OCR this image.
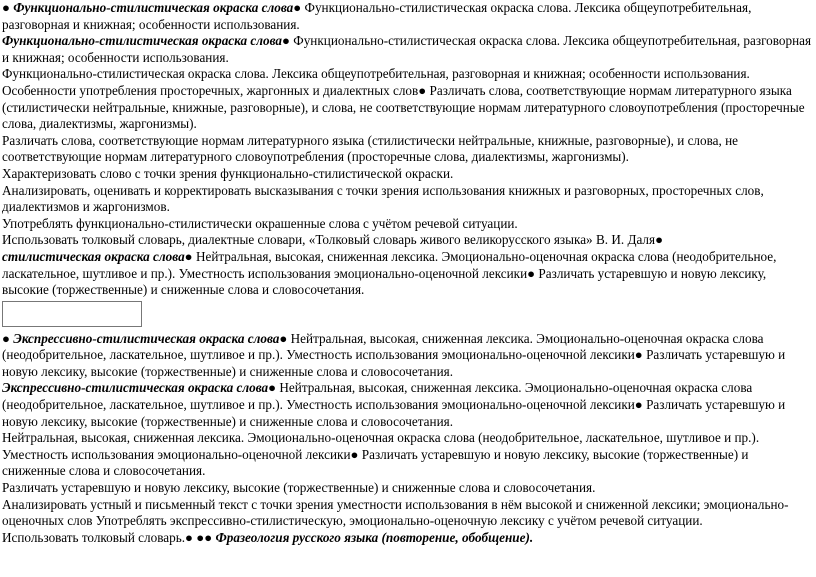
● Функционально-стилистическая окраска слова● Функционально-стилистическая окраска слова. Лексика общеупотребительная, разговорная и книжная; особенности использования.

Функционально-стилистическая окраска слова● Функционально-стилистическая окраска слова. Лексика общеупотребительная, разговорная и книжная; особенности использования.

Функционально-стилистическая окраска слова. Лексика общеупотребительная, разговорная и книжная; особенности использования.

Особенности употребления просторечных, жаргонных и диалектных слов● Различать слова, соответствующие нормам литературного языка (стилистически нейтральные, книжные, разговорные), и слова, не соответствующие нормам литературного словоупотребления (просторечные слова, диалектизмы, жаргонизмы).

Различать слова, соответствующие нормам литературного языка (стилистически нейтральные, книжные, разговорные), и слова, не соответствующие нормам литературного словоупотребления (просторечные слова, диалектизмы, жаргонизмы).

Характеризовать слово с точки зрения функционально-стилистической окраски.

Анализировать, оценивать и корректировать высказывания с точки зрения использования книжных и разговорных, просторечных слов, диалектизмов и жаргонизмов.

Употреблять функционально-стилистически окрашенные слова с учётом речевой ситуации.

Использовать толковый словарь, диалектные словари, «Толковый словарь живого великорусского языка» В. И. Даля●

стилистическая окраска слова● Нейтральная, высокая, сниженная лексика. Эмоционально-оценочная окраска слова (неодобрительное, ласкательное, шутливое и пр.). Уместность использования эмоционально-оценочной лексики● Различать устаревшую и новую лексику, высокие (торжественные) и сниженные слова и словосочетания.

● Экспрессивно-стилистическая окраска слова● Нейтральная, высокая, сниженная лексика. Эмоционально-оценочная окраска слова (неодобрительное, ласкательное, шутливое и пр.). Уместность использования эмоционально-оценочной лексики● Различать устаревшую и новую лексику, высокие (торжественные) и сниженные слова и словосочетания.

Экспрессивно-стилистическая окраска слова● Нейтральная, высокая, сниженная лексика. Эмоционально-оценочная окраска слова (неодобрительное, ласкательное, шутливое и пр.). Уместность использования эмоционально-оценочной лексики● Различать устаревшую и новую лексику, высокие (торжественные) и сниженные слова и словосочетания.

Нейтральная, высокая, сниженная лексика. Эмоционально-оценочная окраска слова (неодобрительное, ласкательное, шутливое и пр.). Уместность использования эмоционально-оценочной лексики● Различать устаревшую и новую лексику, высокие (торжественные) и сниженные слова и словосочетания.

Различать устаревшую и новую лексику, высокие (торжественные) и сниженные слова и словосочетания.

Анализировать устный и письменный текст с точки зрения уместности использования в нём высокой и сниженной лексики; эмоционально-оценочных слов Употреблять экспрессивно-стилистическую, эмоционально-оценочную лексику с учётом речевой ситуации.

Использовать толковый словарь.● ●● Фразеология русского языка (повторение, обобщение).
